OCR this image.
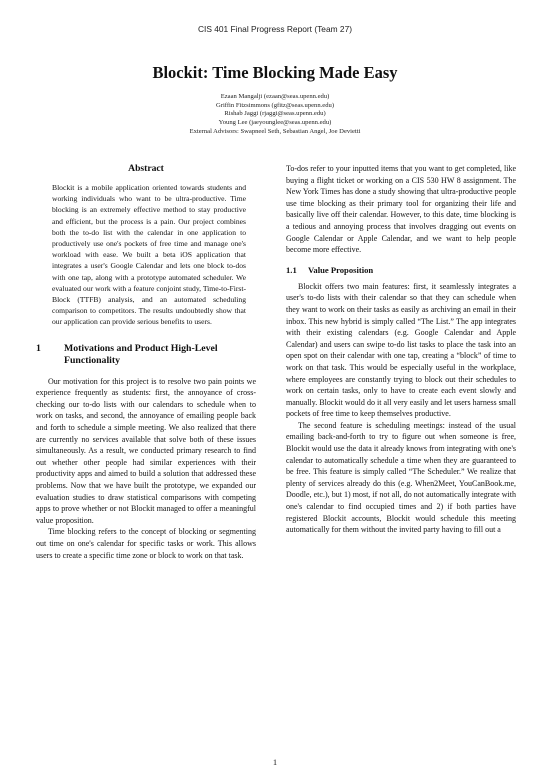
CIS 401 Final Progress Report (Team 27)
Blockit: Time Blocking Made Easy
Ezaan Mangalji (ezaan@seas.upenn.edu)
Griffin Fitzsimmons (gfitz@seas.upenn.edu)
Rishab Jaggi (rjaggi@seas.upenn.edu)
Young Lee (jaeyounglee@seas.upenn.edu)
External Advisors: Swapneel Seth, Sebastian Angel, Joe Devietti
Abstract

Blockit is a mobile application oriented towards students and working individuals who want to be ultra-productive. Time blocking is an extremely effective method to stay productive and efficient, but the process is a pain. Our project combines both the to-do list with the calendar in one application to productively use one's pockets of free time and manage one's workload with ease. We built a beta iOS application that integrates a user's Google Calendar and lets one block to-dos with one tap, along with a prototype automated scheduler. We evaluated our work with a feature conjoint study, Time-to-First-Block (TTFB) analysis, and an automated scheduling comparison to competitors. The results undoubtedly show that our application can provide serious benefits to users.

1	Motivations and Product High-Level Functionality

Our motivation for this project is to resolve two pain points we experience frequently as students: first, the annoyance of cross-checking our to-do lists with our calendars to schedule when to work on tasks, and second, the annoyance of emailing people back and forth to schedule a simple meeting. We also realized that there are currently no services available that solve both of these issues simultaneously. As a result, we conducted primary research to find out whether other people had similar experiences with their productivity apps and aimed to build a solution that addressed these problems. Now that we have built the prototype, we expanded our evaluation studies to draw statistical comparisons with competing apps to prove whether or not Blockit managed to offer a meaningful value proposition.

Time blocking refers to the concept of blocking or segmenting out time on one's calendar for specific tasks or work. This allows users to create a specific time zone or block to work on that task.

To-dos refer to your inputted items that you want to get completed, like buying a flight ticket or working on a CIS 530 HW 8 assignment. The New York Times has done a study showing that ultra-productive people use time blocking as their primary tool for organizing their life and basically live off their calendar. However, to this date, time blocking is a tedious and annoying process that involves dragging out events on Google Calendar or Apple Calendar, and we want to help people become more effective.

1.1	Value Proposition

Blockit offers two main features: first, it seamlessly integrates a user's to-do lists with their calendar so that they can schedule when they want to work on their tasks as easily as archiving an email in their inbox. This new hybrid is simply called “The List.” The app integrates with their existing calendars (e.g. Google Calendar and Apple Calendar) and users can swipe to-do list tasks to place the task into an open spot on their calendar with one tap, creating a “block” of time to work on that task. This would be especially useful in the workplace, where employees are constantly trying to block out their schedules to work on certain tasks, only to have to create each event slowly and manually. Blockit would do it all very easily and let users harness small pockets of free time to keep themselves productive.

The second feature is scheduling meetings: instead of the usual emailing back-and-forth to try to figure out when someone is free, Blockit would use the data it already knows from integrating with one's calendar to automatically schedule a time when they are guaranteed to be free. This feature is simply called “The Scheduler.” We realize that plenty of services already do this (e.g. When2Meet, YouCanBook.me, Doodle, etc.), but 1) most, if not all, do not automatically integrate with one's calendar to find occupied times and 2) if both parties have registered Blockit accounts, Blockit would schedule this meeting automatically for them without the invited party having to fill out a

1
